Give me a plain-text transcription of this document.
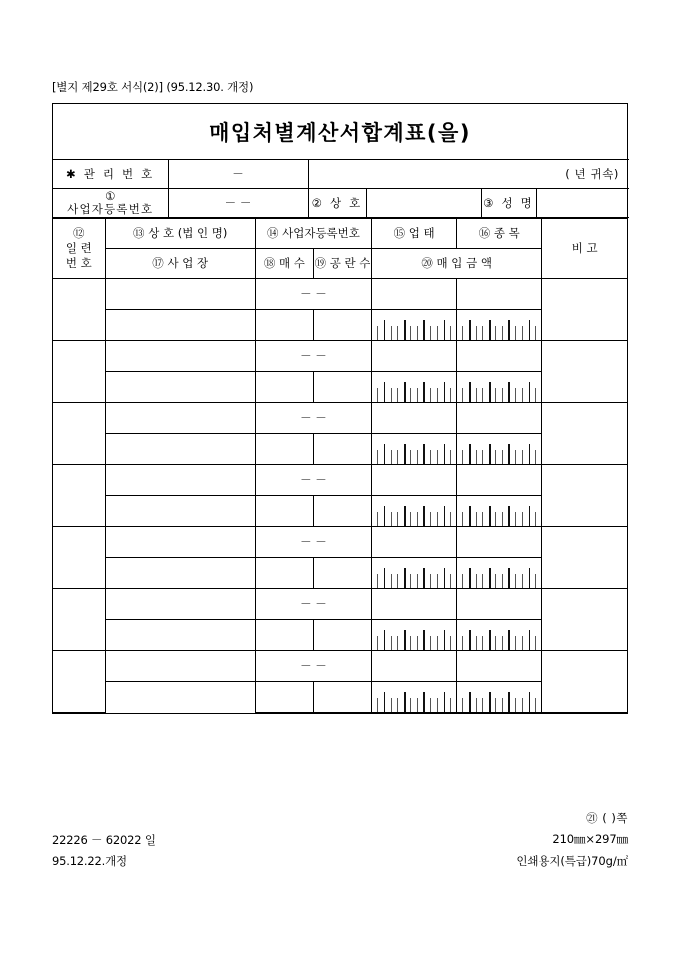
[별지 제29호 서식(2)] (95.12.30. 개정)
매입처별계산서합계표(을)
✱ 관 리 번 호	－	( 년 귀속)			

①
사업자등록번호	－ －	② 상 호		③ 성 명	
⑫
일 련
번 호	⑬ 상 호 (법 인 명)	⑭ 사업자등록번호		⑮ 업 태	⑯ 종 목	비 고
	⑰ 사 업 장	⑱ 매 수	⑲ 공 란 수	⑳ 매 입 금 액		

－ －				

－ －				

－ －				

－ －				

－ －				

－ －				

－ －				

22226 － 62022 일
95.12.22.개정
㉑ ( )쪽
210㎜×297㎜
인쇄용지(특급)70g/㎡
